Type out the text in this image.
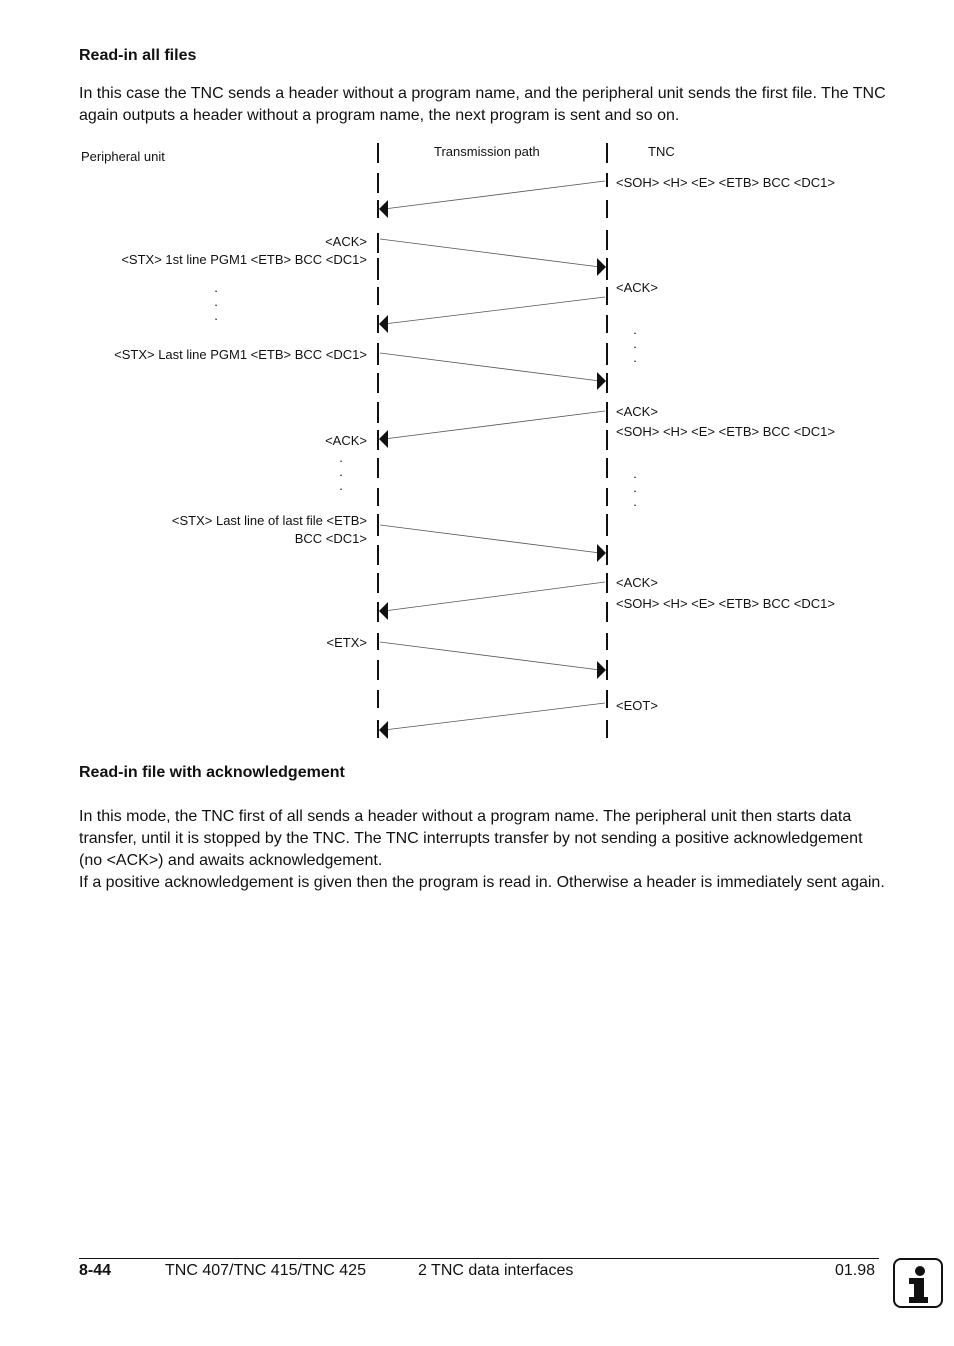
Read-in all files

In this case the TNC sends a header without a program name, and the peripheral unit sends the first file. The TNC again outputs a header without a program name, the next program is sent and so on.

Peripheral unit	Transmission path	TNC
<ACK>
<STX> 1st line PGM1 <ETB> BCC <DC1>
<STX> Last line PGM1 <ETB> BCC <DC1>
<ACK>
<STX> Last line of last file <ETB>
BCC <DC1>
<ETX>
<SOH> <H> <E> <ETB> BCC <DC1>
<ACK>
<ACK>
<SOH> <H> <E> <ETB> BCC <DC1>
<ACK>
<SOH> <H> <E> <ETB> BCC <DC1>
<EOT>
.
.
.
.
.
.
.
.
.
.
.
.
Read-in file with acknowledgement

In this mode, the TNC first of all sends a header without a program name. The peripheral unit then starts data transfer, until it is stopped by the TNC. The TNC interrupts transfer by not sending a positive acknowledgement (no <ACK>) and awaits acknowledgement.

If a positive acknowledgement is given then the program is read in. Otherwise a header is immediately sent again.

8-44	TNC 407/TNC 415/TNC 425	2 TNC data interfaces	01.98
